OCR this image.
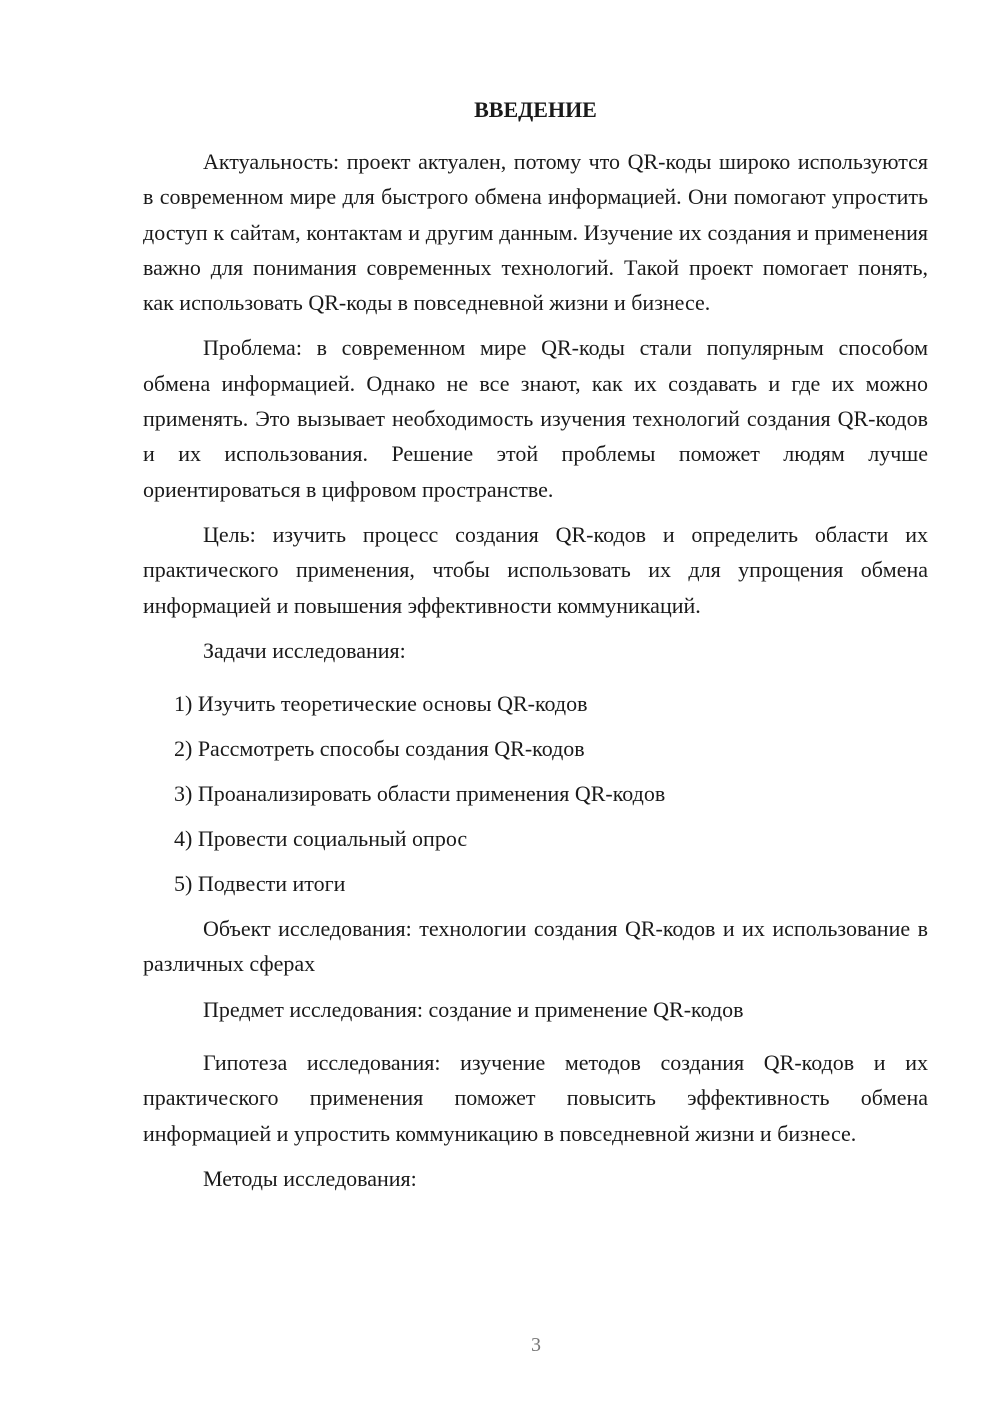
ВВЕДЕНИЕ

Актуальность: проект актуален, потому что QR-коды широко используются в современном мире для быстрого обмена информацией. Они помогают упростить доступ к сайтам, контактам и другим данным. Изучение их создания и применения важно для понимания современных технологий. Такой проект помогает понять, как использовать QR-коды в повседневной жизни и бизнесе.

Проблема: в современном мире QR-коды стали популярным способом обмена информацией. Однако не все знают, как их создавать и где их можно применять. Это вызывает необходимость изучения технологий создания QR-кодов и их использования. Решение этой проблемы поможет людям лучше ориентироваться в цифровом пространстве.

Цель: изучить процесс создания QR-кодов и определить области их практического применения, чтобы использовать их для упрощения обмена информацией и повышения эффективности коммуникаций.

Задачи исследования:

1) Изучить теоретические основы QR-кодов
2) Рассмотреть способы создания QR-кодов
3) Проанализировать области применения QR-кодов
4) Провести социальный опрос
5) Подвести итоги

Объект исследования: технологии создания QR-кодов и их использование в различных сферах

Предмет исследования: создание и применение QR-кодов

Гипотеза исследования: изучение методов создания QR-кодов и их практического применения поможет повысить эффективность обмена информацией и упростить коммуникацию в повседневной жизни и бизнесе.

Методы исследования:

3
